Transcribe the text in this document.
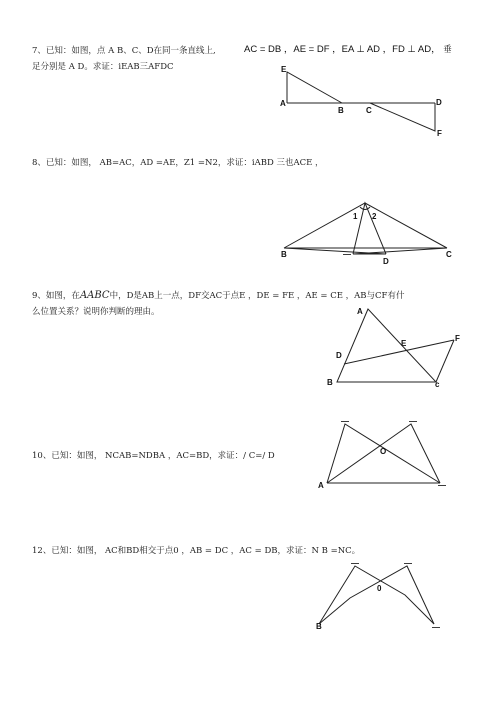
7、已知：如图，点 A B、C、D在同一条直线上,	AC = DB ，AE = DF ，EA ⊥ AD ，FD ⊥ AD， 垂
足分别是 A D。求证：iEAB三AFDC	E
A
B	C
D
F
8、已知：如图， AB=AC，AD =AE，Z1 =N2，求证：iABD 三也ACE ，
1 2
B	—
D
C
9、如图，在AABC中，D是AB上一点，DF交AC于点E ，DE = FE ，AE = CE ，AB与CF有什
么位置关系？说明你判断的理由。	A
F
D
E
B	ᴄ
10、已知：如图， NCAB=NDBA ，AC=BD，求证：/ C=/ D
—	—
O
A	—
12、已知：如图， AC和BD相交于点0 ，AB = DC ，AC = DB，求证：N B =NC。
—	—
0
B	—
